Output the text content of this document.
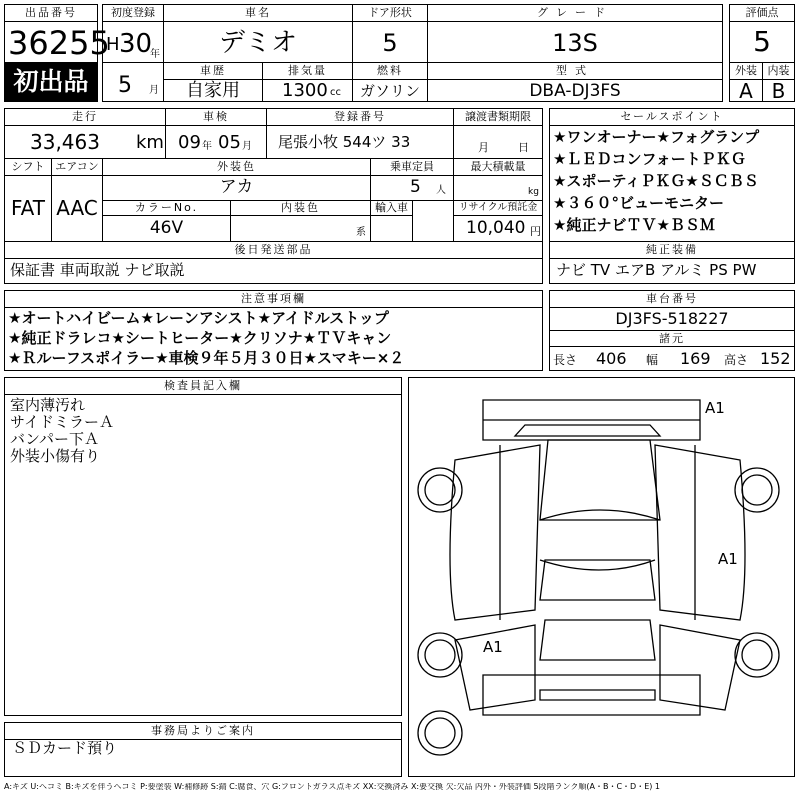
出品番号
36255
初出品
初度登録
H 30
年
5 月
車名
デミオ
ドア形状
5
グレード
13S
評価点
5
車歴
自家用
排気量
1300 cc
燃料
ガソリン
型式
DBA-DJ3FS
外装 内装
A B
走行
33,463 km
車検
09 年 05 月
登録番号
尾張小牧 544ツ 33
譲渡書類期限
月	日
シフト
FAT
エアコン
AAC
外装色
アカ
乗車定員
5 人
最大積載量
kg
カラーNo.
46V
内装色
系
輸入車	リサイクル預託金
10,040 円
セールスポイント
★ワンオーナー★フォグランプ
★ＬＥＤコンフォートＰＫＧ
★スポーティＰＫＧ★ＳＣＢＳ
★３６０°ビューモニター
★純正ナビＴＶ★ＢＳＭ
後日発送部品
保証書 車両取説 ナビ取説
純正装備
ナビ TV エアB アルミ PS PW
注意事項欄
★オートハイビーム★レーンアシスト★アイドルストップ
★純正ドラレコ★シートヒーター★クリソナ★ＴＶキャン
★Ｒルーフスポイラー★車検９年５月３０日★スマキー×２
車台番号
DJ3FS-518227
諸元
長さ 406 幅 169 高さ 152
検査員記入欄
室内薄汚れ
サイドミラーＡ
バンパー下Ａ
外装小傷有り
事務局よりご案内
ＳＤカード預り
A1
A1
A1
A:キズ U:ヘコミ B:キズを伴うヘコミ P:要塗装 W:補修跡 S:錆 C:腐食、穴 G:フロントガラス点キズ XX:交換済み X:要交換 欠:欠品 内外・外装評価 5段階ランク順(A・B・C・D・E) 1
